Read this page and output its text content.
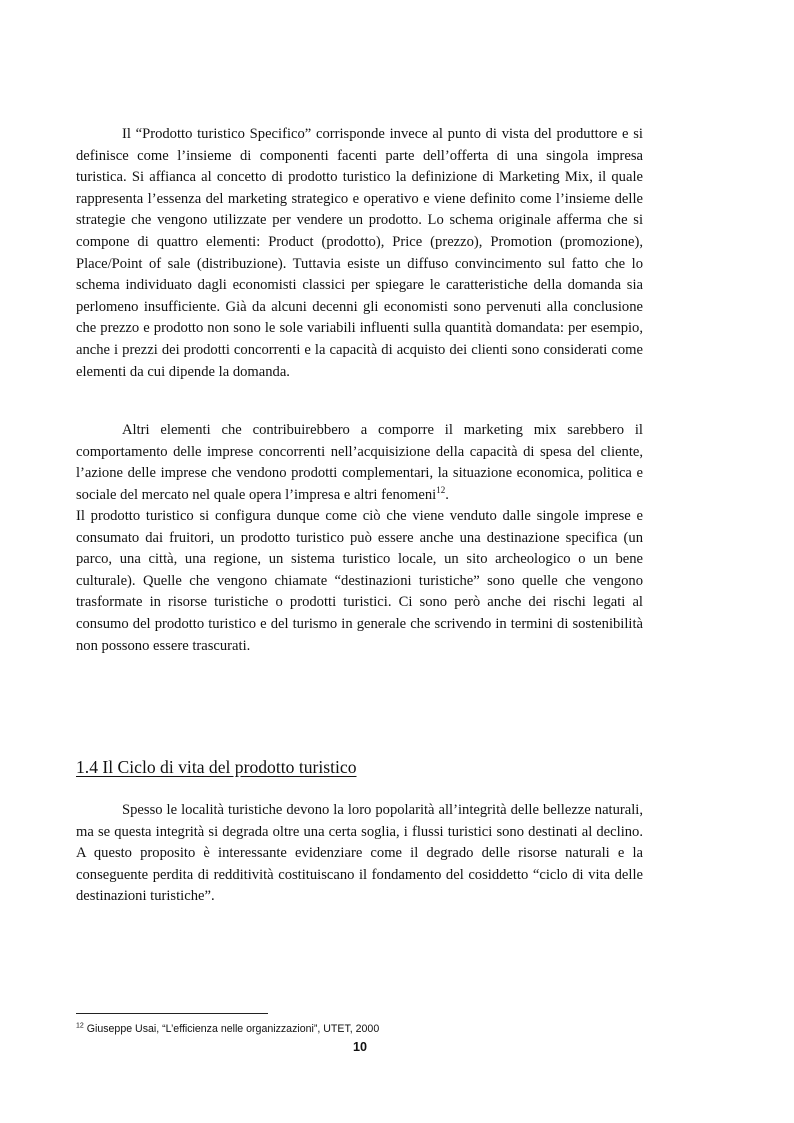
Il “Prodotto turistico Specifico” corrisponde invece al punto di vista del produttore e si definisce come l’insieme di componenti facenti parte dell’offerta di una singola impresa turistica. Si affianca al concetto di prodotto turistico la definizione di Marketing Mix, il quale rappresenta l’essenza del marketing strategico e operativo e viene definito come l’insieme delle strategie che vengono utilizzate per vendere un prodotto. Lo schema originale afferma che si compone di quattro elementi: Product (prodotto), Price (prezzo), Promotion (promozione), Place/Point of sale (distribuzione). Tuttavia esiste un diffuso convincimento sul fatto che lo schema individuato dagli economisti classici per spiegare le caratteristiche della domanda sia perlomeno insufficiente. Già da alcuni decenni gli economisti sono pervenuti alla conclusione che prezzo e prodotto non sono le sole variabili influenti sulla quantità domandata: per esempio, anche i prezzi dei prodotti concorrenti e la capacità di acquisto dei clienti sono considerati come elementi da cui dipende la domanda.

Altri elementi che contribuirebbero a comporre il marketing mix sarebbero il comportamento delle imprese concorrenti nell’acquisizione della capacità di spesa del cliente, l’azione delle imprese che vendono prodotti complementari, la situazione economica, politica e sociale del mercato nel quale opera l’impresa e altri fenomeni$^{12}$.

Il prodotto turistico si configura dunque come ciò che viene venduto dalle singole imprese e consumato dai fruitori, un prodotto turistico può essere anche una destinazione specifica (un parco, una città, una regione, un sistema turistico locale, un sito archeologico o un bene culturale). Quelle che vengono chiamate “destinazioni turistiche” sono quelle che vengono trasformate in risorse turistiche o prodotti turistici. Ci sono però anche dei rischi legati al consumo del prodotto turistico e del turismo in generale che scrivendo in termini di sostenibilità non possono essere trascurati.

1.4 Il Ciclo di vita del prodotto turistico

Spesso le località turistiche devono la loro popolarità all’integrità delle bellezze naturali, ma se questa integrità si degrada oltre una certa soglia, i flussi turistici sono destinati al declino. A questo proposito è interessante evidenziare come il degrado delle risorse naturali e la conseguente perdita di redditività costituiscano il fondamento del cosiddetto “ciclo di vita delle destinazioni turistiche”.

$^{12}$ Giuseppe Usai, “L’efficienza nelle organizzazioni”, UTET, 2000

10
